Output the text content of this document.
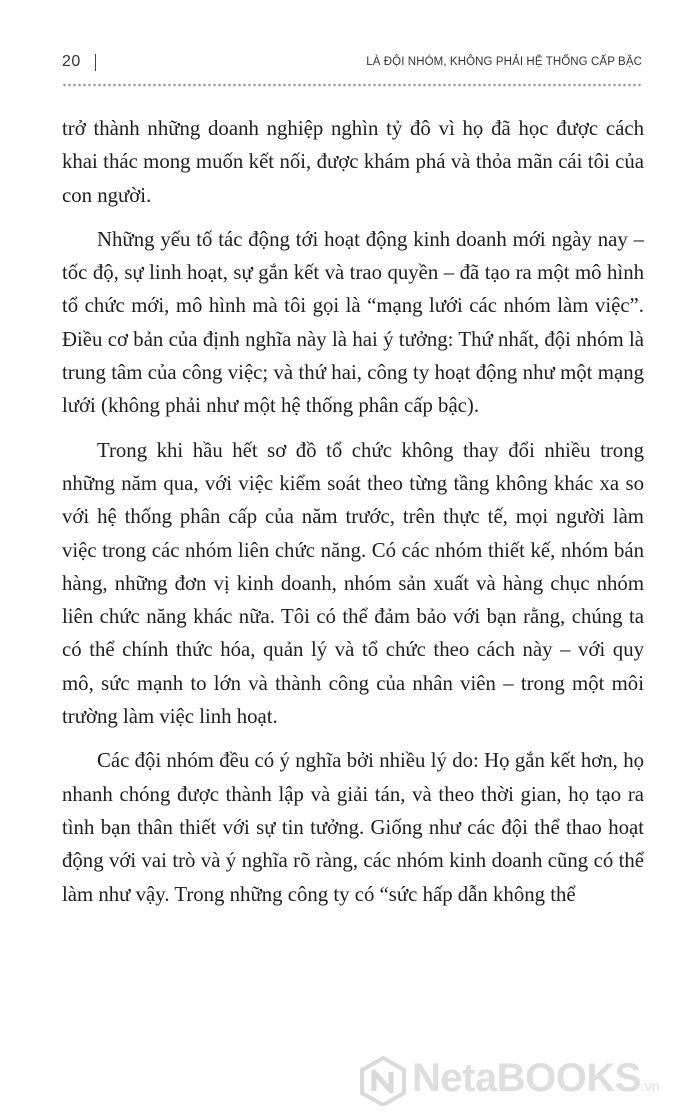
20	LÀ ĐỘI NHÓM, KHÔNG PHẢI HỆ THỐNG CẤP BẬC

trở thành những doanh nghiệp nghìn tỷ đô vì họ đã học được cách khai thác mong muốn kết nối, được khám phá và thỏa mãn cái tôi của con người.

Những yếu tố tác động tới hoạt động kinh doanh mới ngày nay – tốc độ, sự linh hoạt, sự gắn kết và trao quyền – đã tạo ra một mô hình tổ chức mới, mô hình mà tôi gọi là “mạng lưới các nhóm làm việc”. Điều cơ bản của định nghĩa này là hai ý tưởng: Thứ nhất, đội nhóm là trung tâm của công việc; và thứ hai, công ty hoạt động như một mạng lưới (không phải như một hệ thống phân cấp bậc).

Trong khi hầu hết sơ đồ tổ chức không thay đổi nhiều trong những năm qua, với việc kiểm soát theo từng tầng không khác xa so với hệ thống phân cấp của năm trước, trên thực tế, mọi người làm việc trong các nhóm liên chức năng. Có các nhóm thiết kế, nhóm bán hàng, những đơn vị kinh doanh, nhóm sản xuất và hàng chục nhóm liên chức năng khác nữa. Tôi có thể đảm bảo với bạn rằng, chúng ta có thể chính thức hóa, quản lý và tổ chức theo cách này – với quy mô, sức mạnh to lớn và thành công của nhân viên – trong một môi trường làm việc linh hoạt.

Các đội nhóm đều có ý nghĩa bởi nhiều lý do: Họ gắn kết hơn, họ nhanh chóng được thành lập và giải tán, và theo thời gian, họ tạo ra tình bạn thân thiết với sự tin tưởng. Giống như các đội thể thao hoạt động với vai trò và ý nghĩa rõ ràng, các nhóm kinh doanh cũng có thể làm như vậy. Trong những công ty có “sức hấp dẫn không thể

NetaBOOKS.vn
